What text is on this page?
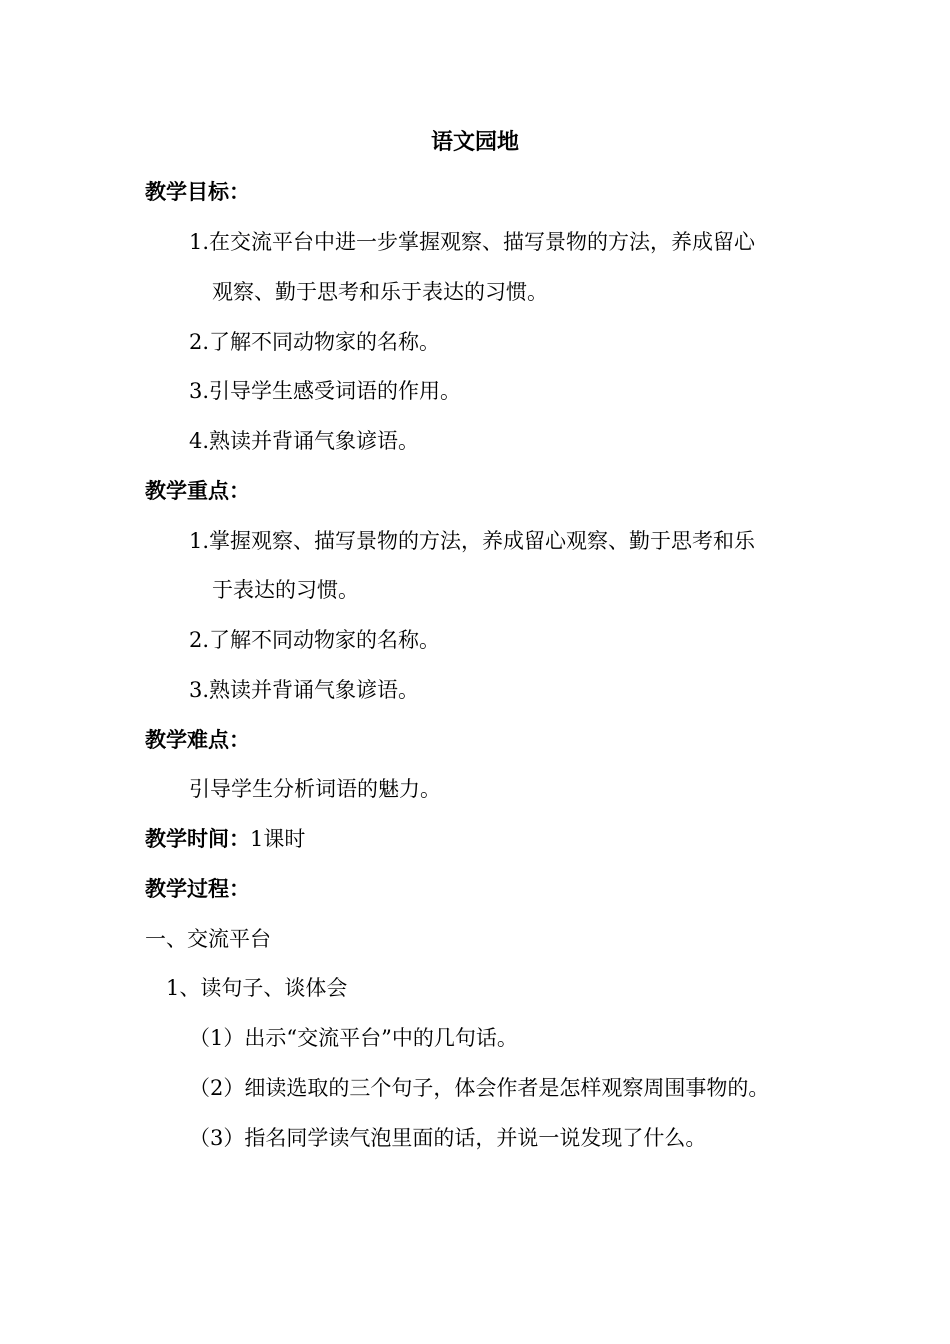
语文园地
教学目标：
1.在交流平台中进一步掌握观察、描写景物的方法，养成留心
观察、勤于思考和乐于表达的习惯。
2.了解不同动物家的名称。
3.引导学生感受词语的作用。
4.熟读并背诵气象谚语。
教学重点：
1.掌握观察、描写景物的方法，养成留心观察、勤于思考和乐
于表达的习惯。
2.了解不同动物家的名称。
3.熟读并背诵气象谚语。
教学难点：
引导学生分析词语的魅力。
教学时间：1课时
教学过程：
一、交流平台
1、读句子、谈体会
（1）出示“交流平台”中的几句话。
（2）细读选取的三个句子，体会作者是怎样观察周围事物的。
（3）指名同学读气泡里面的话，并说一说发现了什么。
